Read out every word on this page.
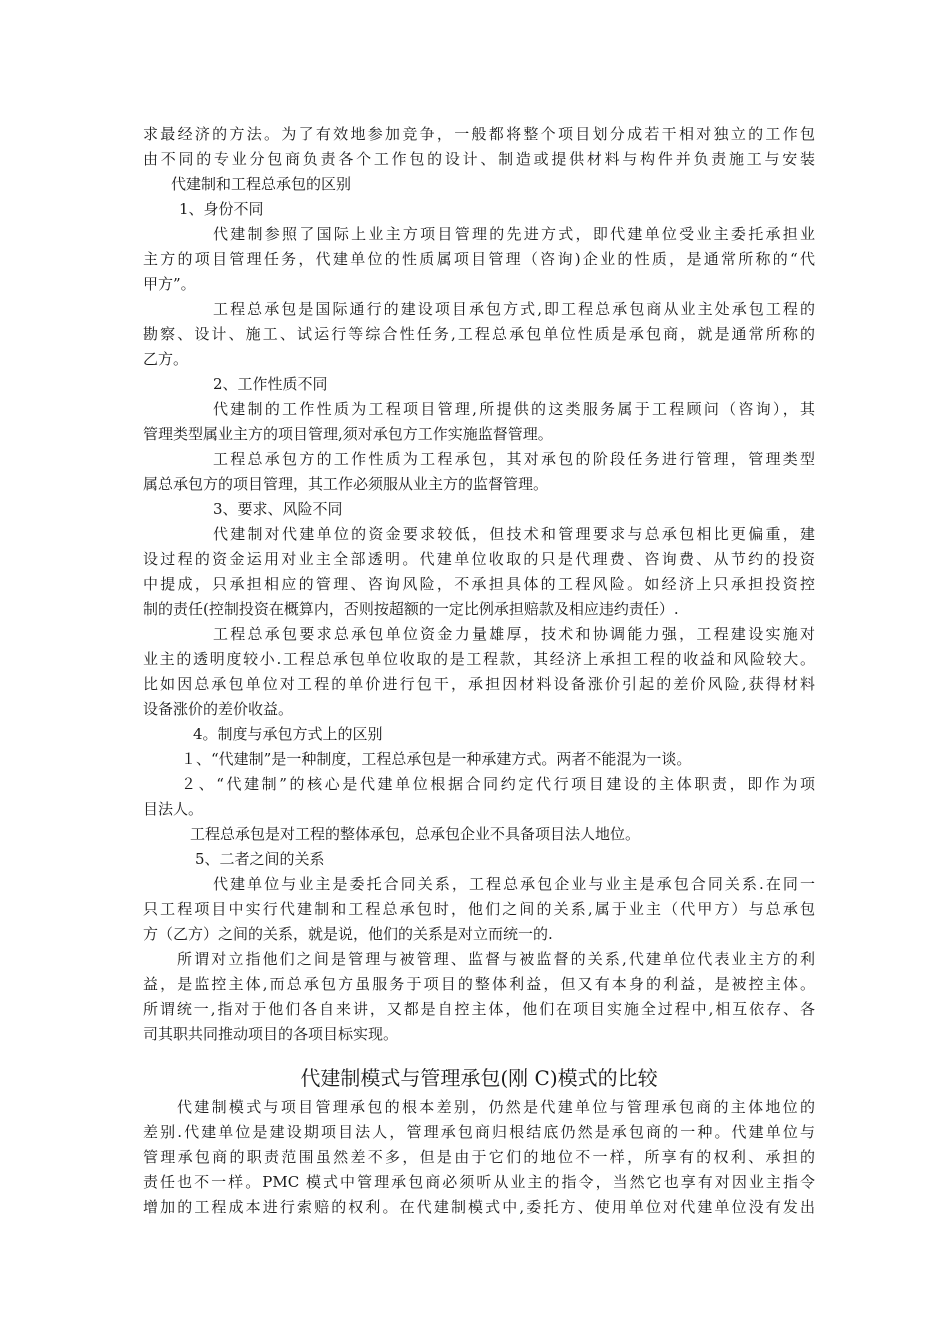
求最经济的方法。为了有效地参加竞争，一般都将整个项目划分成若干相对独立的工作包
由不同的专业分包商负责各个工作包的设计、制造或提供材料与构件并负责施工与安装
代建制和工程总承包的区别
1、身份不同
代建制参照了国际上业主方项目管理的先进方式，即代建单位受业主委托承担业
主方的项目管理任务，代建单位的性质属项目管理（咨询)企业的性质，是通常所称的“代
甲方”。
工程总承包是国际通行的建设项目承包方式,即工程总承包商从业主处承包工程的
勘察、设计、施工、试运行等综合性任务,工程总承包单位性质是承包商，就是通常所称的
乙方。
2、工作性质不同
代建制的工作性质为工程项目管理,所提供的这类服务属于工程顾问（咨询），其
管理类型属业主方的项目管理,须对承包方工作实施监督管理。
工程总承包方的工作性质为工程承包，其对承包的阶段任务进行管理，管理类型
属总承包方的项目管理，其工作必须服从业主方的监督管理。
3、要求、风险不同
代建制对代建单位的资金要求较低，但技术和管理要求与总承包相比更偏重，建
设过程的资金运用对业主全部透明。代建单位收取的只是代理费、咨询费、从节约的投资
中提成，只承担相应的管理、咨询风险，不承担具体的工程风险。如经济上只承担投资控
制的责任(控制投资在概算内，否则按超额的一定比例承担赔款及相应违约责任）.
工程总承包要求总承包单位资金力量雄厚，技术和协调能力强，工程建设实施对
业主的透明度较小.工程总承包单位收取的是工程款，其经济上承担工程的收益和风险较大。
比如因总承包单位对工程的单价进行包干，承担因材料设备涨价引起的差价风险,获得材料
设备涨价的差价收益。
4。制度与承包方式上的区别
１、“代建制”是一种制度，工程总承包是一种承建方式。两者不能混为一谈。
２、“代建制”的核心是代建单位根据合同约定代行项目建设的主体职责，即作为项
目法人。
工程总承包是对工程的整体承包，总承包企业不具备项目法人地位。
5、二者之间的关系
代建单位与业主是委托合同关系，工程总承包企业与业主是承包合同关系.在同一
只工程项目中实行代建制和工程总承包时，他们之间的关系,属于业主（代甲方）与总承包
方（乙方）之间的关系，就是说，他们的关系是对立而统一的.
所谓对立指他们之间是管理与被管理、监督与被监督的关系,代建单位代表业主方的利
益，是监控主体,而总承包方虽服务于项目的整体利益，但又有本身的利益，是被控主体。
所谓统一,指对于他们各自来讲，又都是自控主体，他们在项目实施全过程中,相互依存、各
司其职共同推动项目的各项目标实现。
代建制模式与管理承包(刚 C)模式的比较
代建制模式与项目管理承包的根本差别，仍然是代建单位与管理承包商的主体地位的
差别.代建单位是建设期项目法人，管理承包商归根结底仍然是承包商的一种。代建单位与
管理承包商的职责范围虽然差不多，但是由于它们的地位不一样，所享有的权利、承担的
责任也不一样。PMC 模式中管理承包商必须听从业主的指令，当然它也享有对因业主指令
增加的工程成本进行索赔的权利。在代建制模式中,委托方、使用单位对代建单位没有发出
